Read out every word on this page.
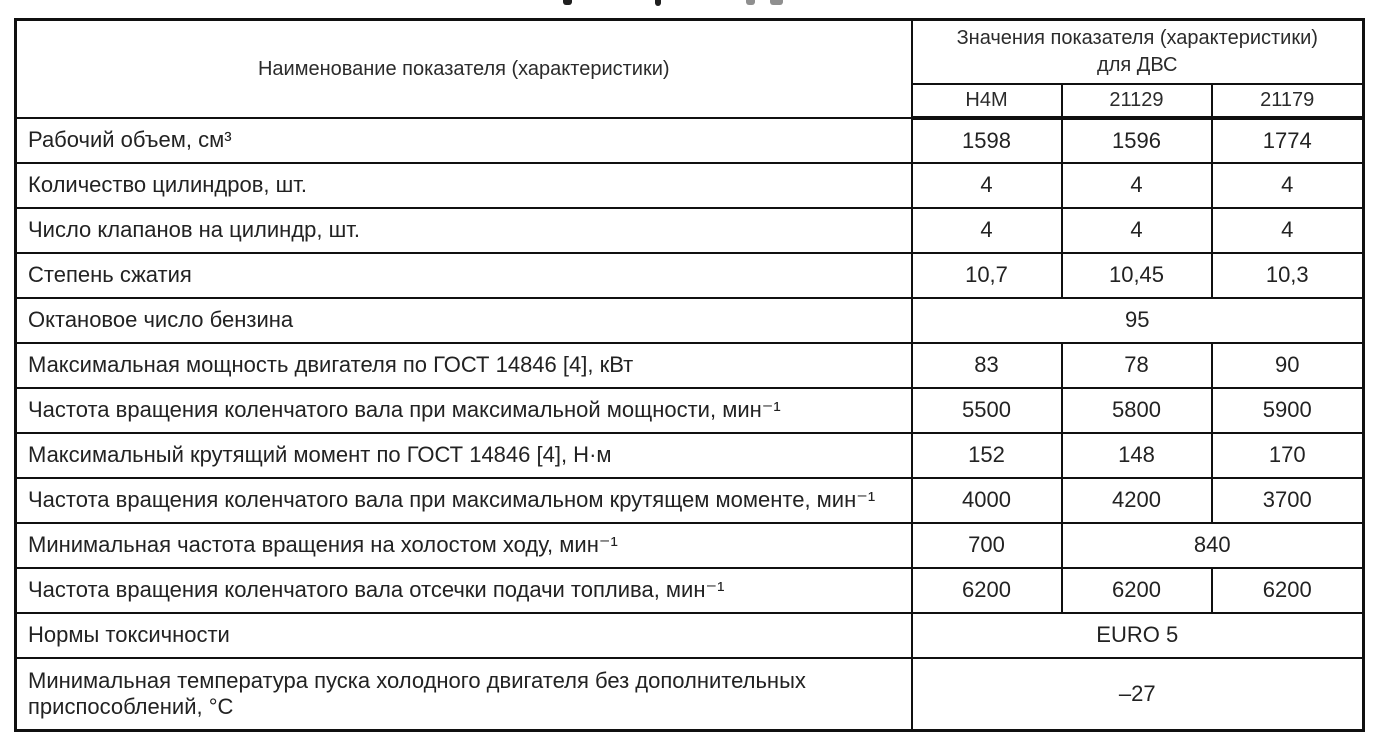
Наименование показателя (характеристики)	Значения показателя (характеристики)
для ДВС		

	H4M	21129	21179
Рабочий объем, см³	1598	1596	1774
Количество цилиндров, шт.	4	4	4
Число клапанов на цилиндр, шт.	4	4	4
Степень сжатия	10,7	10,45	10,3
Октановое число бензина	95		
Максимальная мощность двигателя по ГОСТ 14846 [4], кВт	83	78	90
Частота вращения коленчатого вала при максимальной мощности, мин⁻¹	5500	5800	5900
Максимальный крутящий момент по ГОСТ 14846 [4], Н·м	152	148	170
Частота вращения коленчатого вала при максимальном крутящем моменте, мин⁻¹	4000	4200	3700
Минимальная частота вращения на холостом ходу, мин⁻¹	700	840	
Частота вращения коленчатого вала отсечки подачи топлива, мин⁻¹	6200	6200	6200
Нормы токсичности	EURO 5		
Минимальная температура пуска холодного двигателя без дополнительных приспособлений, °С	–27		
